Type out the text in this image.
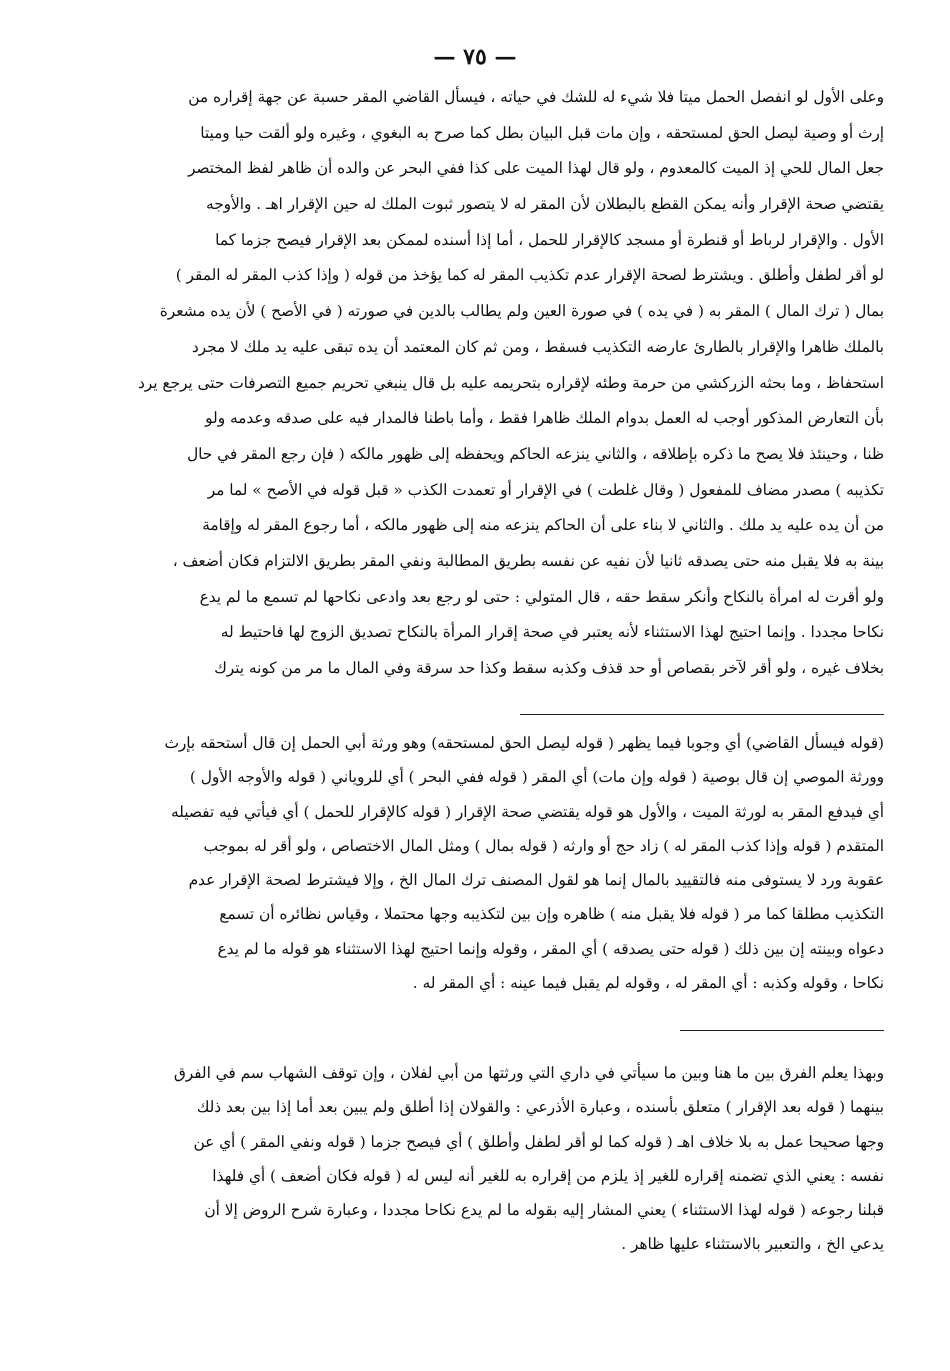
— ٧٥ —
وعلى الأول لو انفصل الحمل ميتا فلا شيء له للشك في حياته ، فيسأل القاضي المقر حسبة عن جهة إقراره من
إرث أو وصية ليصل الحق لمستحقه ، وإن مات قبل البيان بطل كما صرح به البغوي ، وغيره ولو ألقت حيا وميتا
جعل المال للحي إذ الميت كالمعدوم ، ولو قال لهذا الميت على كذا ففي البحر عن والده أن ظاهر لفظ المختصر
يقتضي صحة الإقرار وأنه يمكن القطع بالبطلان لأن المقر له لا يتصور ثبوت الملك له حين الإقرار اهـ . والأوجه
الأول . والإقرار لرباط أو قنطرة أو مسجد كالإقرار للحمل ، أما إذا أسنده لممكن بعد الإقرار فيصح جزما كما
لو أقر لطفل وأطلق . ويشترط لصحة الإقرار عدم تكذيب المقر له كما يؤخذ من قوله ( وإذا كذب المقر له المقر )
بمال ( ترك المال ) المقر به ( في يده ) في صورة العين ولم يطالب بالدين في صورته ( في الأصح ) لأن يده مشعرة
بالملك ظاهرا والإقرار بالطارئ عارضه التكذيب فسقط ، ومن ثم كان المعتمد أن يده تبقى عليه يد ملك لا مجرد
استحفاظ ، وما بحثه الزركشي من حرمة وطئه لإقراره بتحريمه عليه بل قال ينبغي تحريم جميع التصرفات حتى يرجع يرد
بأن التعارض المذكور أوجب له العمل بدوام الملك ظاهرا فقط ، وأما باطنا فالمدار فيه على صدقه وعدمه ولو
ظنا ، وحينئذ فلا يصح ما ذكره بإطلاقه ، والثاني ينزعه الحاكم ويحفظه إلى ظهور مالكه ( فإن رجع المقر في حال
تكذيبه ) مصدر مضاف للمفعول ( وقال غلطت ) في الإقرار أو تعمدت الكذب « قبل قوله في الأصح » لما مر
من أن يده عليه يد ملك . والثاني لا بناء على أن الحاكم ينزعه منه إلى ظهور مالكه ، أما رجوع المقر له وإقامة
بينة به فلا يقبل منه حتى يصدقه ثانيا لأن نفيه عن نفسه بطريق المطالبة ونفي المقر بطريق الالتزام فكان أضعف ،
ولو أقرت له امرأة بالنكاح وأنكر سقط حقه ، قال المتولي : حتى لو رجع بعد وادعى نكاحها لم تسمع ما لم يدع
نكاحا مجددا . وإنما احتيج لهذا الاستثناء لأنه يعتبر في صحة إقرار المرأة بالنكاح تصديق الزوج لها فاحتيط له
بخلاف غيره ، ولو أقر لآخر بقصاص أو حد قذف وكذبه سقط وكذا حد سرقة وفي المال ما مر من كونه يترك
(قوله فيسأل القاضي) أي وجوبا فيما يظهر ( قوله ليصل الحق لمستحقه) وهو ورثة أبي الحمل إن قال أستحقه بإرث
وورثة الموصي إن قال بوصية ( قوله وإن مات) أي المقر ( قوله ففي البحر ) أي للروياني ( قوله والأوجه الأول )
أي فيدفع المقر به لورثة الميت ، والأول هو قوله يقتضي صحة الإقرار ( قوله كالإقرار للحمل ) أي فيأتي فيه تفصيله
المتقدم ( قوله وإذا كذب المقر له ) زاد حج أو وارثه ( قوله بمال ) ومثل المال الاختصاص ، ولو أقر له بموجب
عقوبة ورد لا يستوفى منه فالتقييد بالمال إنما هو لقول المصنف ترك المال الخ ، وإلا فيشترط لصحة الإقرار عدم
التكذيب مطلقا كما مر ( قوله فلا يقبل منه ) ظاهره وإن بين لتكذيبه وجها محتملا ، وقياس نظائره أن تسمع
دعواه وبينته إن بين ذلك ( قوله حتى يصدقه ) أي المقر ، وقوله وإنما احتيج لهذا الاستثناء هو قوله ما لم يدع
نكاحا ، وقوله وكذبه : أي المقر له ، وقوله لم يقبل فيما عينه : أي المقر له .
وبهذا يعلم الفرق بين ما هنا وبين ما سيأتي في داري التي ورثتها من أبي لفلان ، وإن توقف الشهاب سم في الفرق
بينهما ( قوله بعد الإقرار ) متعلق بأسنده ، وعبارة الأذرعي : والقولان إذا أطلق ولم يبين بعد أما إذا بين بعد ذلك
وجها صحيحا عمل به بلا خلاف اهـ ( قوله كما لو أقر لطفل وأطلق ) أي فيصح جزما ( قوله ونفي المقر ) أي عن
نفسه : يعني الذي تضمنه إقراره للغير إذ يلزم من إقراره به للغير أنه ليس له ( قوله فكان أضعف ) أي فلهذا
قبلنا رجوعه ( قوله لهذا الاستثناء ) يعني المشار إليه بقوله ما لم يدع نكاحا مجددا ، وعبارة شرح الروض إلا أن
يدعي الخ ، والتعبير بالاستثناء عليها ظاهر .
